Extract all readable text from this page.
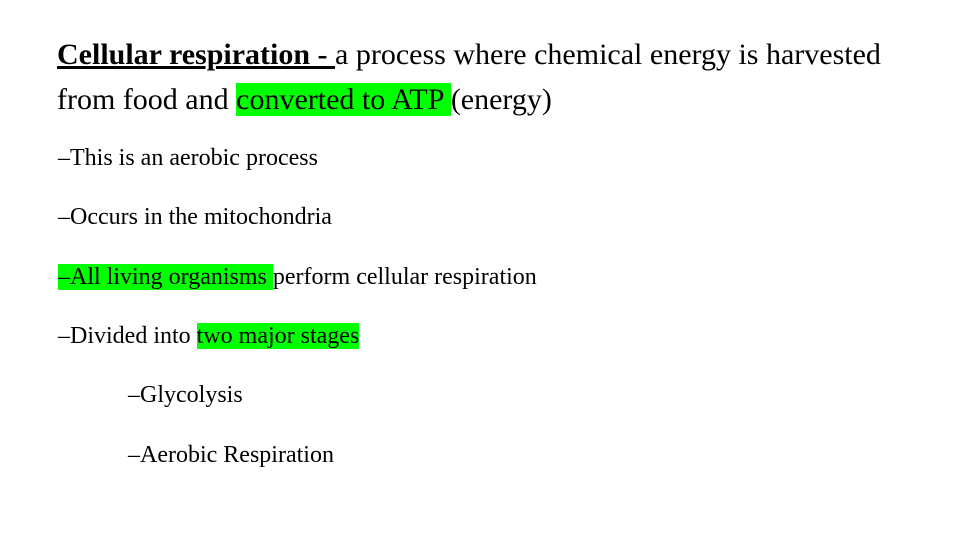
Cellular respiration - a process where chemical energy is harvested from food and converted to ATP (energy)

–This is an aerobic process
–Occurs in the mitochondria
–All living organisms perform cellular respiration
–Divided into two major stages
–Glycolysis
–Aerobic Respiration
